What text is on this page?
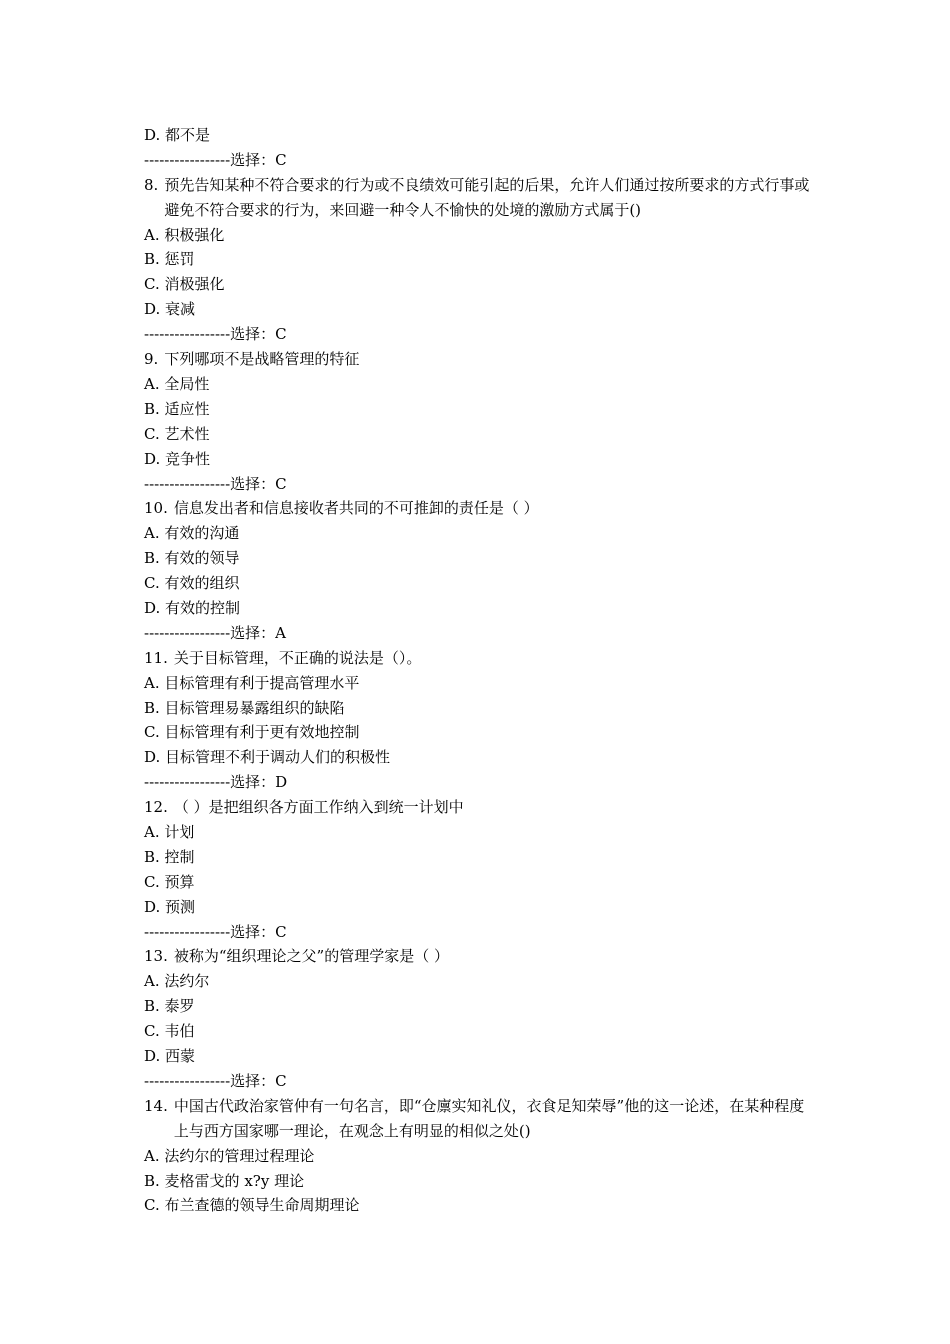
D. 都不是
-----------------选择：C
8. 预先告知某种不符合要求的行为或不良绩效可能引起的后果，允许人们通过按所要求的方式行事或避免不符合要求的行为，来回避一种令人不愉快的处境的激励方式属于()
A. 积极强化
B. 惩罚
C. 消极强化
D. 衰减
-----------------选择：C
9. 下列哪项不是战略管理的特征
A. 全局性
B. 适应性
C. 艺术性
D. 竞争性
-----------------选择：C
10. 信息发出者和信息接收者共同的不可推卸的责任是（ ）
A. 有效的沟通
B. 有效的领导
C. 有效的组织
D. 有效的控制
-----------------选择：A
11. 关于目标管理，不正确的说法是（）。
A. 目标管理有利于提高管理水平
B. 目标管理易暴露组织的缺陷
C. 目标管理有利于更有效地控制
D. 目标管理不利于调动人们的积极性
-----------------选择：D
12. （ ）是把组织各方面工作纳入到统一计划中
A. 计划
B. 控制
C. 预算
D. 预测
-----------------选择：C
13. 被称为“组织理论之父”的管理学家是（ ）
A. 法约尔
B. 泰罗
C. 韦伯
D. 西蒙
-----------------选择：C
14. 中国古代政治家管仲有一句名言，即“仓廪实知礼仪，衣食足知荣辱”他的这一论述，在某种程度上与西方国家哪一理论，在观念上有明显的相似之处()
A. 法约尔的管理过程理论
B. 麦格雷戈的 x?y 理论
C. 布兰查德的领导生命周期理论
